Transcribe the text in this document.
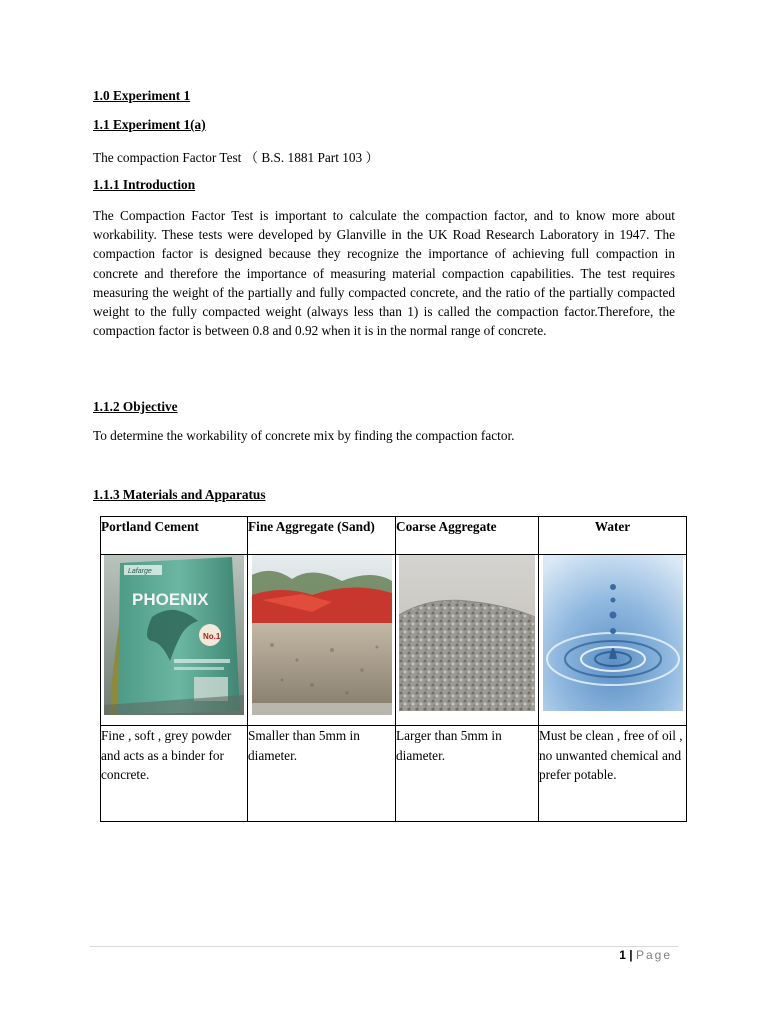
1.0 Experiment 1

1.1 Experiment 1(a)

The compaction Factor Test （ B.S. 1881 Part 103 ）

1.1.1 Introduction

The Compaction Factor Test is important to calculate the compaction factor, and to know more about workability. These tests were developed by Glanville in the UK Road Research Laboratory in 1947. The compaction factor is designed because they recognize the importance of achieving full compaction in concrete and therefore the importance of measuring material compaction capabilities. The test requires measuring the weight of the partially and fully compacted concrete, and the ratio of the partially compacted weight to the fully compacted weight (always less than 1) is called the compaction factor.Therefore, the compaction factor is between 0.8 and 0.92 when it is in the normal range of concrete.

1.1.2 Objective

To determine the workability of concrete mix by finding the compaction factor.

1.1.3 Materials and Apparatus

Portland Cement	Fine Aggregate (Sand)	Coarse Aggregate	Water

Lafarge
PHOENIX
No.1

Fine , soft , grey powder and acts as a binder for concrete.	Smaller than 5mm in diameter.	Larger than 5mm in diameter.	Must be clean , free of oil , no unwanted chemical and prefer potable.
1 | Page
